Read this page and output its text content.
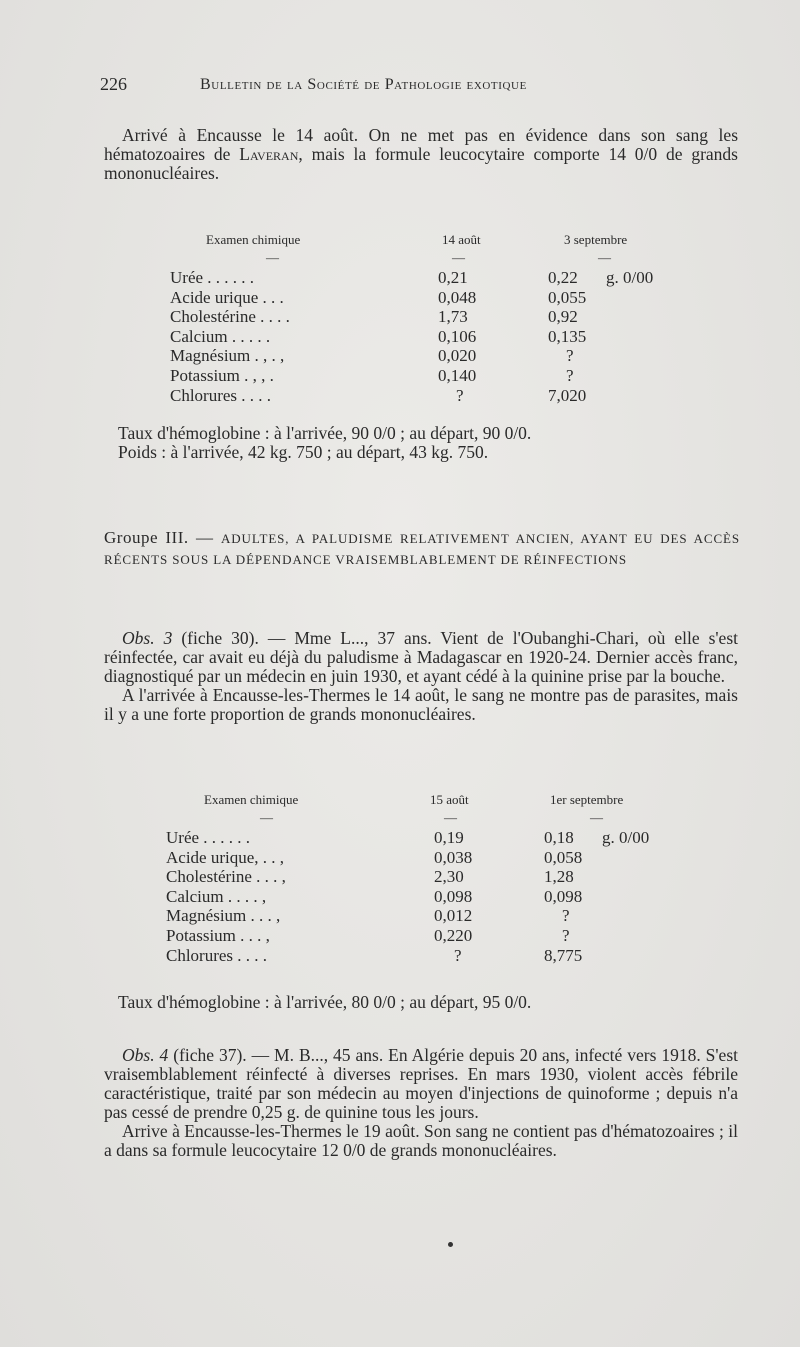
226	Bulletin de la Société de Pathologie exotique

Arrivé à Encausse le 14 août. On ne met pas en évidence dans son sang les hématozoaires de Laveran, mais la formule leucocytaire comporte 14 0/0 de grands mononucléaires.

Examen chimique	14 août	3 septembre
—	—	—
Urée . . . . . .	0,21	0,22 g. 0/00
Acide urique . . .	0,048	0,055
Cholestérine . . . .	1,73	0,92
Calcium . . . . .	0,106	0,135
Magnésium . , . ,	0,020	?
Potassium . , , .	0,140	?
Chlorures . . . .	?	7,020

Taux d'hémoglobine : à l'arrivée, 90 0/0 ; au départ, 90 0/0.
Poids : à l'arrivée, 42 kg. 750 ; au départ, 43 kg. 750.

Groupe III. — ADULTES, A PALUDISME RELATIVEMENT ANCIEN, AYANT EU DES ACCÈS RÉCENTS SOUS LA DÉPENDANCE VRAISEMBLABLEMENT DE RÉINFECTIONS

Obs. 3 (fiche 30). — Mme L..., 37 ans. Vient de l'Oubanghi-Chari, où elle s'est réinfectée, car avait eu déjà du paludisme à Madagascar en 1920-24. Dernier accès franc, diagnostiqué par un médecin en juin 1930, et ayant cédé à la quinine prise par la bouche.
A l'arrivée à Encausse-les-Thermes le 14 août, le sang ne montre pas de parasites, mais il y a une forte proportion de grands mononucléaires.

Examen chimique	15 août	1er septembre
—	—	—
Urée . . . . . .	0,19	0,18 g. 0/00
Acide urique, . . ,	0,038	0,058
Cholestérine . . . ,	2,30	1,28
Calcium . . . . ,	0,098	0,098
Magnésium . . . ,	0,012	?
Potassium . . . ,	0,220	?
Chlorures . . . .	?	8,775

Taux d'hémoglobine : à l'arrivée, 80 0/0 ; au départ, 95 0/0.

Obs. 4 (fiche 37). — M. B..., 45 ans. En Algérie depuis 20 ans, infecté vers 1918. S'est vraisemblablement réinfecté à diverses reprises. En mars 1930, violent accès fébrile caractéristique, traité par son médecin au moyen d'injections de quinoforme ; depuis n'a pas cessé de prendre 0,25 g. de quinine tous les jours.
Arrive à Encausse-les-Thermes le 19 août. Son sang ne contient pas d'hématozoaires ; il a dans sa formule leucocytaire 12 0/0 de grands mononucléaires.
